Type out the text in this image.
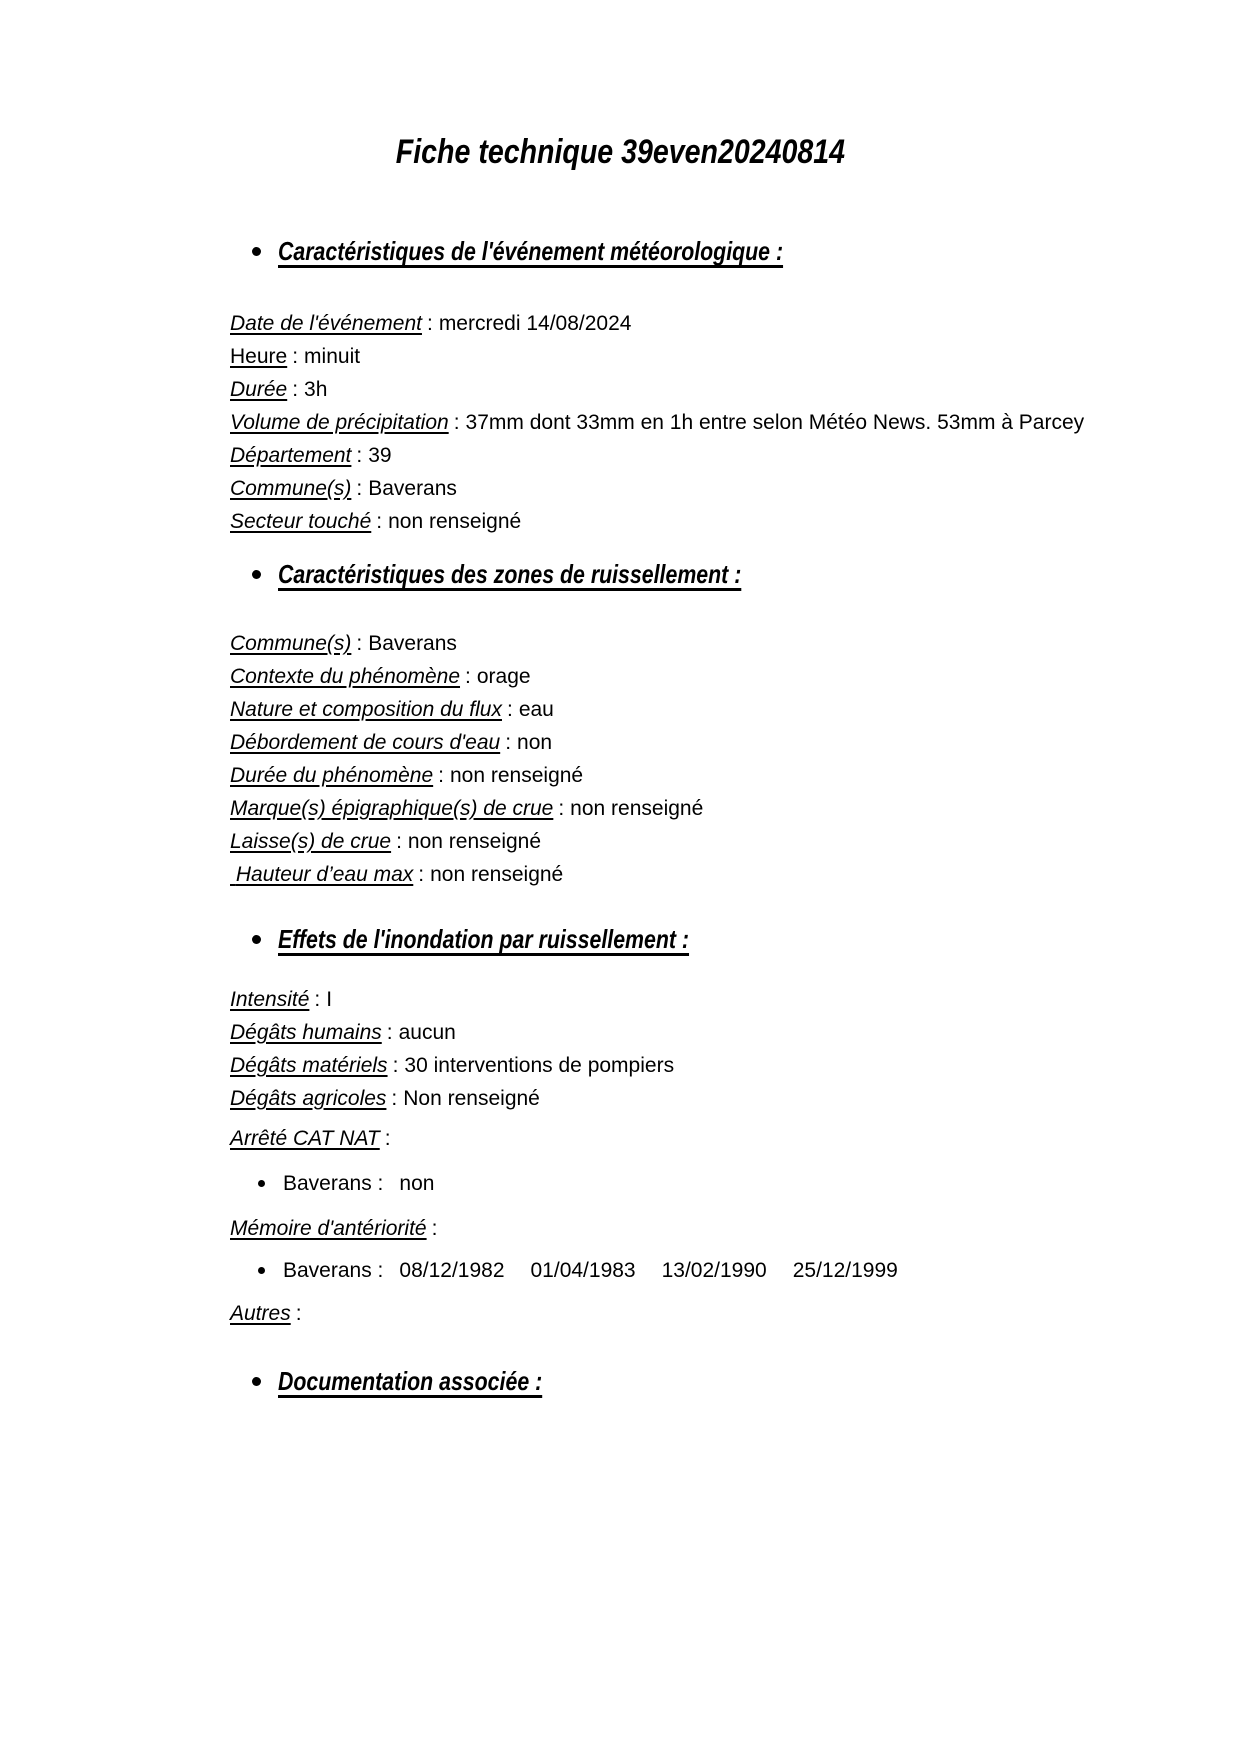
Fiche technique 39even20240814
Caractéristiques de l'événement météorologique :
Date de l'événement : mercredi 14/08/2024
Heure : minuit
Durée : 3h
Volume de précipitation : 37mm dont 33mm en 1h entre selon Météo News. 53mm à Parcey
Département : 39
Commune(s) : Baverans
Secteur touché : non renseigné
Caractéristiques des zones de ruissellement :
Commune(s) : Baverans
Contexte du phénomène : orage
Nature et composition du flux : eau
Débordement de cours d'eau : non
Durée du phénomène : non renseigné
Marque(s) épigraphique(s) de crue : non renseigné
Laisse(s) de crue : non renseigné
Hauteur d’eau max : non renseigné
Effets de l'inondation par ruissellement :
Intensité : I
Dégâts humains : aucun
Dégâts matériels : 30 interventions de pompiers
Dégâts agricoles : Non renseigné
Arrêté CAT NAT :
Baverans : non
Mémoire d'antériorité :
Baverans : 08/12/1982 01/04/1983 13/02/1990 25/12/1999
Autres :
Documentation associée :
